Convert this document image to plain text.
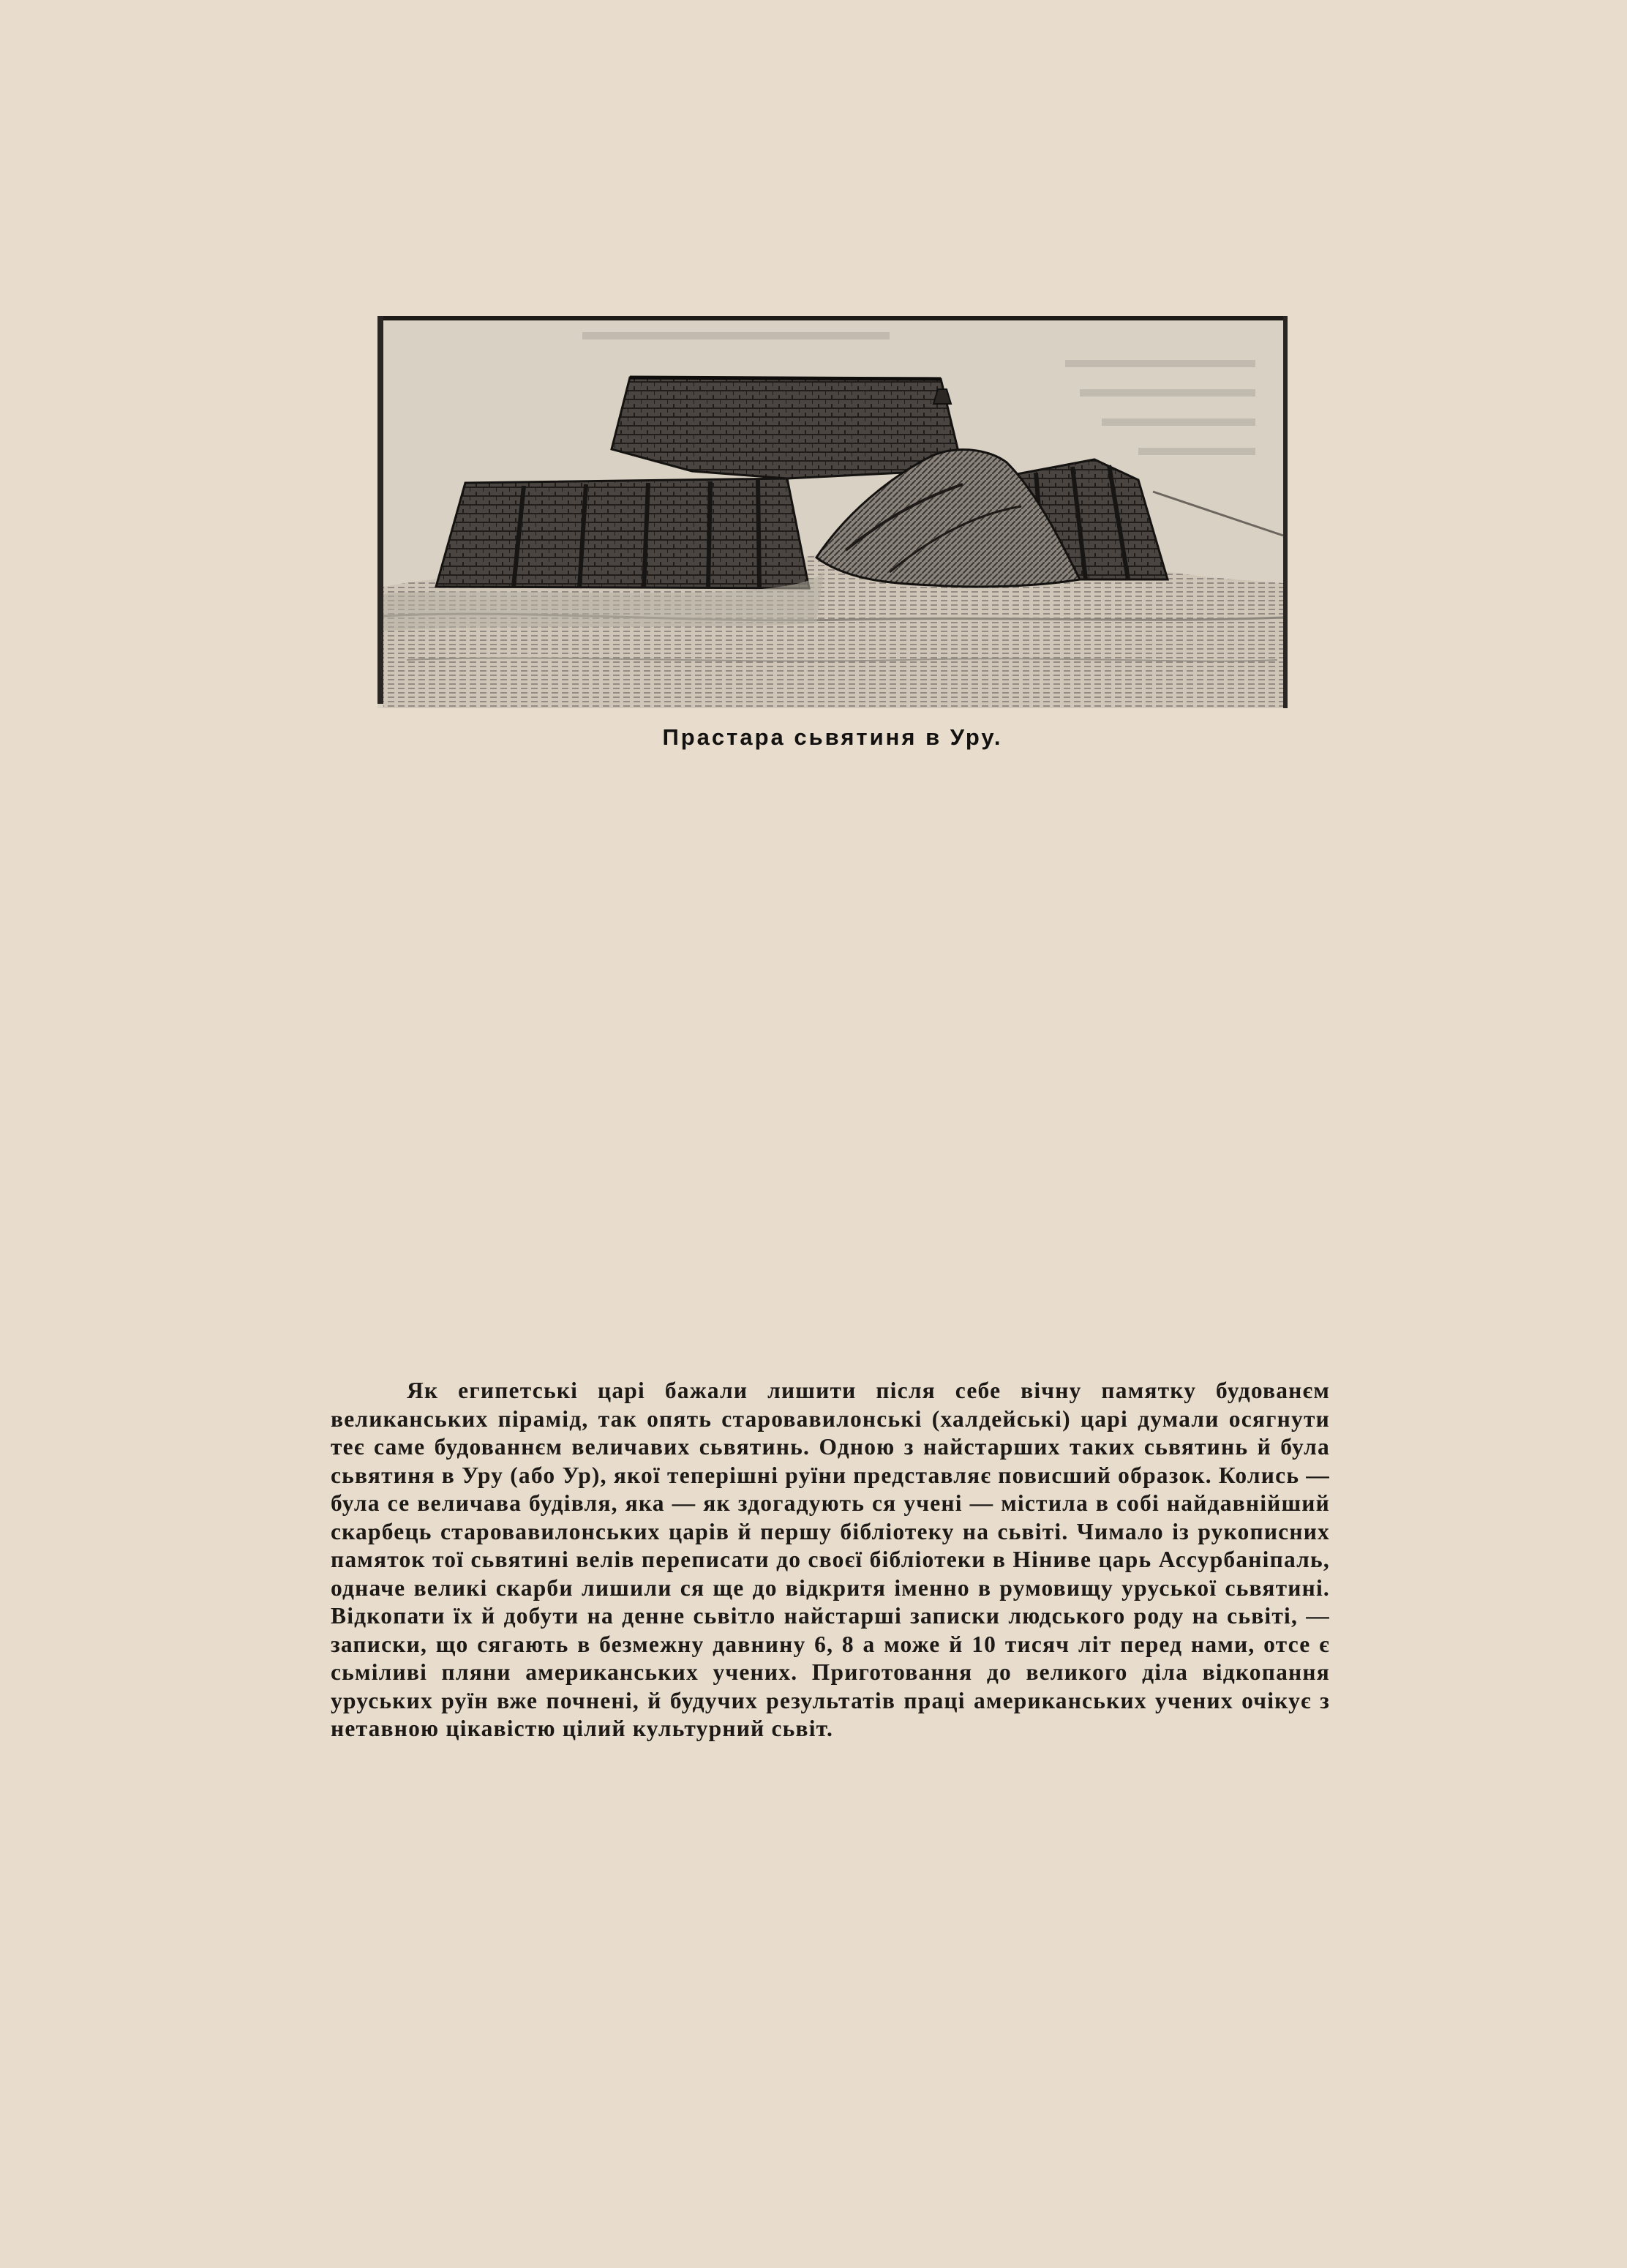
Прастара сьвятиня в Уру.

Як египетські царі бажали лишити після себе вічну памятку будованєм великанських пірамід, так опять старовавилонські (халдейські) царі думали осягнути теє саме будованнєм величавих сьвятинь. Одною з найстарших таких сьвятинь й була сьвятиня в Уру (або Ур), якої теперішні руїни представляє повисший образок. Колись — була се величава будівля, яка — як здогадують ся учені — містила в собі найдавнійший скарбець старовавилонських царів й першу бібліотеку на сьвіті. Чимало із рукописних памяток тої сьвятині велів переписати до своєї бібліотеки в Ніниве царь Ассурбаніпаль, одначе великі скарби лишили ся ще до відкритя іменно в румовищу уруської сьвятині. Відкопати їх й добути на денне сьвітло найстарші записки людського роду на сьвіті, — записки, що сягають в безмежну давнину 6, 8 а може й 10 тисяч літ перед нами, отсе є сьміливі пляни американських учених. Приготовання до великого діла відкопання уруських руїн вже почнені, й будучих результатів праці американських учених очікує з нетавною цікавістю цілий культурний сьвіт.
